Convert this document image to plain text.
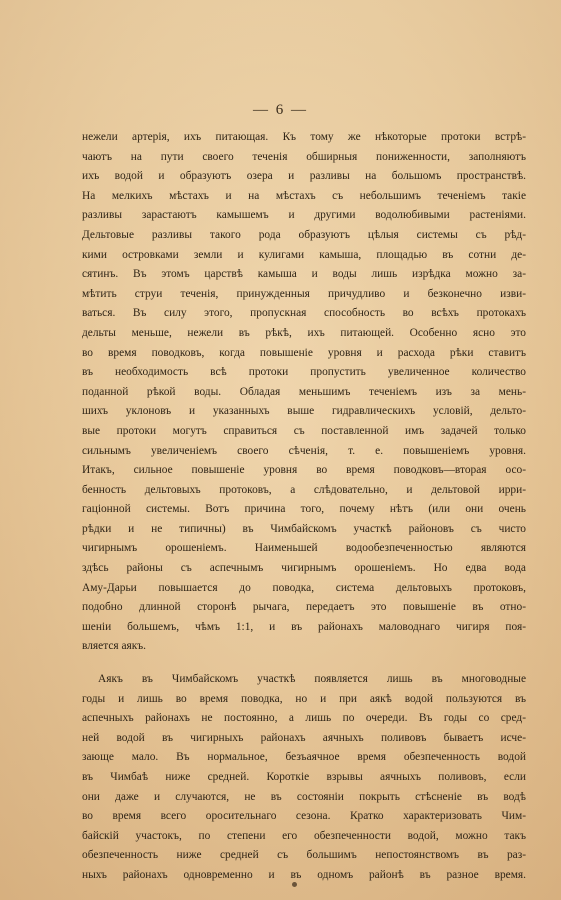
— 6 —
нежели артерія, ихъ питающая. Къ тому же нѣкоторые протоки встрѣ-
чаютъ на пути своего теченія обширныя пониженности, заполняютъ
ихъ водой и образуютъ озера и разливы на большомъ пространствѣ.
На мелкихъ мѣстахъ и на мѣстахъ съ небольшимъ теченіемъ такіе
разливы зарастаютъ камышемъ и другими водолюбивыми растеніями.
Дельтовые разливы такого рода образуютъ цѣлыя системы съ рѣд-
кими островками земли и кулигами камыша, площадью въ сотни де-
сятинъ. Въ этомъ царствѣ камыша и воды лишь изрѣдка можно за-
мѣтить струи теченія, принужденныя причудливо и безконечно изви-
ваться. Въ силу этого, пропускная способность во всѣхъ протокахъ
дельты меньше, нежели въ рѣкѣ, ихъ питающей. Особенно ясно это
во время поводковъ, когда повышеніе уровня и расхода рѣки ставитъ
въ необходимость всѣ протоки пропустить увеличенное количество
поданной рѣкой воды. Обладая меньшимъ теченіемъ изъ за мень-
шихъ уклоновъ и указанныхъ выше гидравлическихъ условій, дельто-
вые протоки могутъ справиться съ поставленной имъ задачей только
сильнымъ увеличеніемъ своего сѣченія, т. е. повышеніемъ уровня.
Итакъ, сильное повышеніе уровня во время поводковъ—вторая осо-
бенность дельтовыхъ протоковъ, а слѣдовательно, и дельтовой ирри-
гаціонной системы. Вотъ причина того, почему нѣтъ (или они очень
рѣдки и не типичны) въ Чимбайскомъ участкѣ районовъ съ чисто
чигирнымъ орошеніемъ. Наименьшей водообезпеченностью являются
здѣсь районы съ аспечнымъ чигирнымъ орошеніемъ. Но едва вода
Аму-Дарьи повышается до поводка, система дельтовыхъ протоковъ,
подобно длинной сторонѣ рычага, передаетъ это повышеніе въ отно-
шеніи большемъ, чѣмъ 1:1, и въ районахъ маловоднаго чигиря поя-
вляется аякъ.
Аякъ въ Чимбайскомъ участкѣ появляется лишь въ многоводные
годы и лишь во время поводка, но и при аякѣ водой пользуются въ
аспечныхъ районахъ не постоянно, а лишь по очереди. Въ годы со сред-
ней водой въ чигирныхъ районахъ аячныхъ поливовъ бываетъ исче-
зающе мало. Въ нормальное, безъаячное время обезпеченность водой
въ Чимбаѣ ниже средней. Короткіе взрывы аячныхъ поливовъ, если
они даже и случаются, не въ состояніи покрыть стѣсненіе въ водѣ
во время всего оросительнаго сезона. Кратко характеризовать Чим-
байскій участокъ, по степени его обезпеченности водой, можно такъ
обезпеченность ниже средней съ большимъ непостоянствомъ въ раз-
ныхъ районахъ одновременно и въ одномъ районѣ въ разное время.
